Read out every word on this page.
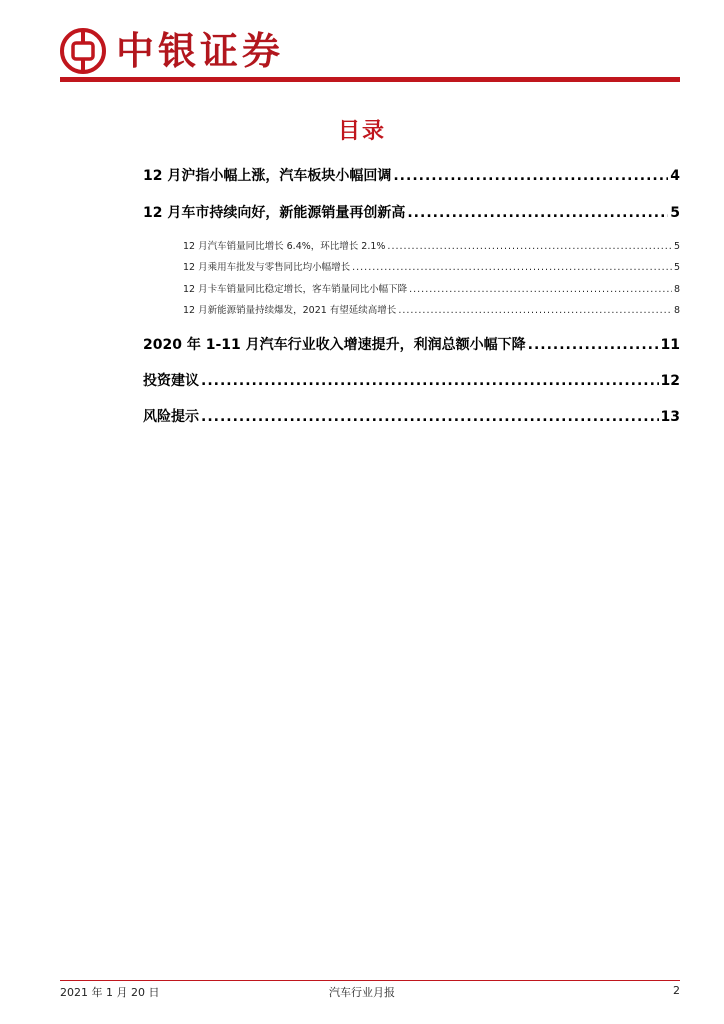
中银证券
目录
12 月沪指小幅上涨，汽车板块小幅回调 .....	4
12 月车市持续向好，新能源销量再创新高 .....	5
12 月汽车销量同比增长 6.4%，环比增长 2.1% .....	5
12 月乘用车批发与零售同比均小幅增长 .....	5
12 月卡车销量同比稳定增长，客车销量同比小幅下降 .....	8
12 月新能源销量持续爆发，2021 有望延续高增长 .....	8
2020 年 1-11 月汽车行业收入增速提升，利润总额小幅下降 .....	11
投资建议 .....	12
风险提示 .....	13
2021 年 1 月 20 日	汽车行业月报	2
